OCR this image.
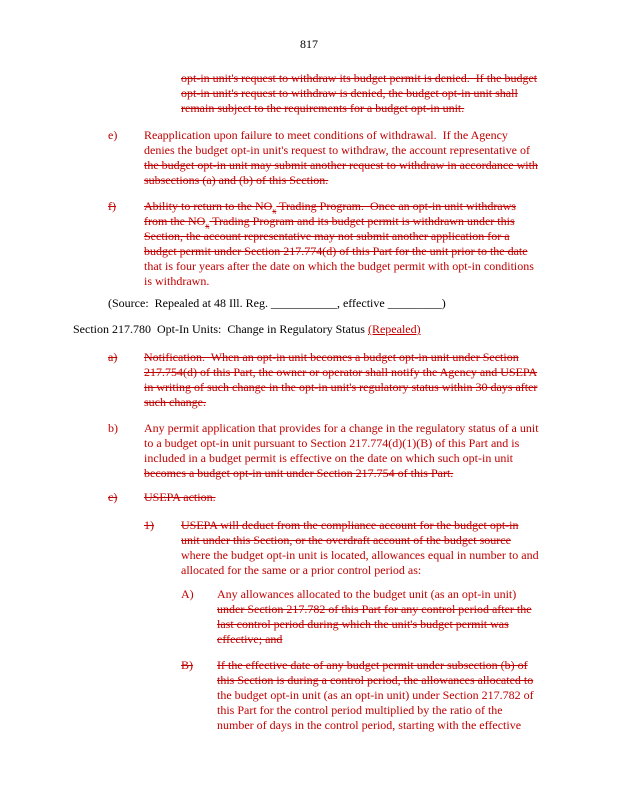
817
opt-in unit's request to withdraw its budget permit is denied.  If the budget
opt-in unit's request to withdraw is denied, the budget opt-in unit shall
remain subject to the requirements for a budget opt-in unit.
e) Reapplication upon failure to meet conditions of withdrawal.  If the Agency
denies the budget opt-in unit's request to withdraw, the account representative of
the budget opt-in unit may submit another request to withdraw in accordance with
subsections (a) and (b) of this Section.
f) Ability to return to the $NO_x$ Trading Program.  Once an opt-in unit withdraws
from the $NO_x$ Trading Program and its budget permit is withdrawn under this
Section, the account representative may not submit another application for a
budget permit under Section 217.774(d) of this Part for the unit prior to the date
that is four years after the date on which the budget permit with opt-in conditions
is withdrawn.
(Source:  Repealed at 48 Ill. Reg. ___________, effective _________)
Section 217.780  Opt-In Units:  Change in Regulatory Status (Repealed)
a) Notification.  When an opt-in unit becomes a budget opt-in unit under Section
217.754(d) of this Part, the owner or operator shall notify the Agency and USEPA
in writing of such change in the opt-in unit's regulatory status within 30 days after
such change.
b) Any permit application that provides for a change in the regulatory status of a unit
to a budget opt-in unit pursuant to Section 217.774(d)(1)(B) of this Part and is
included in a budget permit is effective on the date on which such opt-in unit
becomes a budget opt-in unit under Section 217.754 of this Part.
c) USEPA action.
1) USEPA will deduct from the compliance account for the budget opt-in
unit under this Section, or the overdraft account of the budget source
where the budget opt-in unit is located, allowances equal in number to and
allocated for the same or a prior control period as:
A) Any allowances allocated to the budget unit (as an opt-in unit)
under Section 217.782 of this Part for any control period after the
last control period during which the unit's budget permit was
effective; and
B) If the effective date of any budget permit under subsection (b) of
this Section is during a control period, the allowances allocated to
the budget opt-in unit (as an opt-in unit) under Section 217.782 of
this Part for the control period multiplied by the ratio of the
number of days in the control period, starting with the effective
